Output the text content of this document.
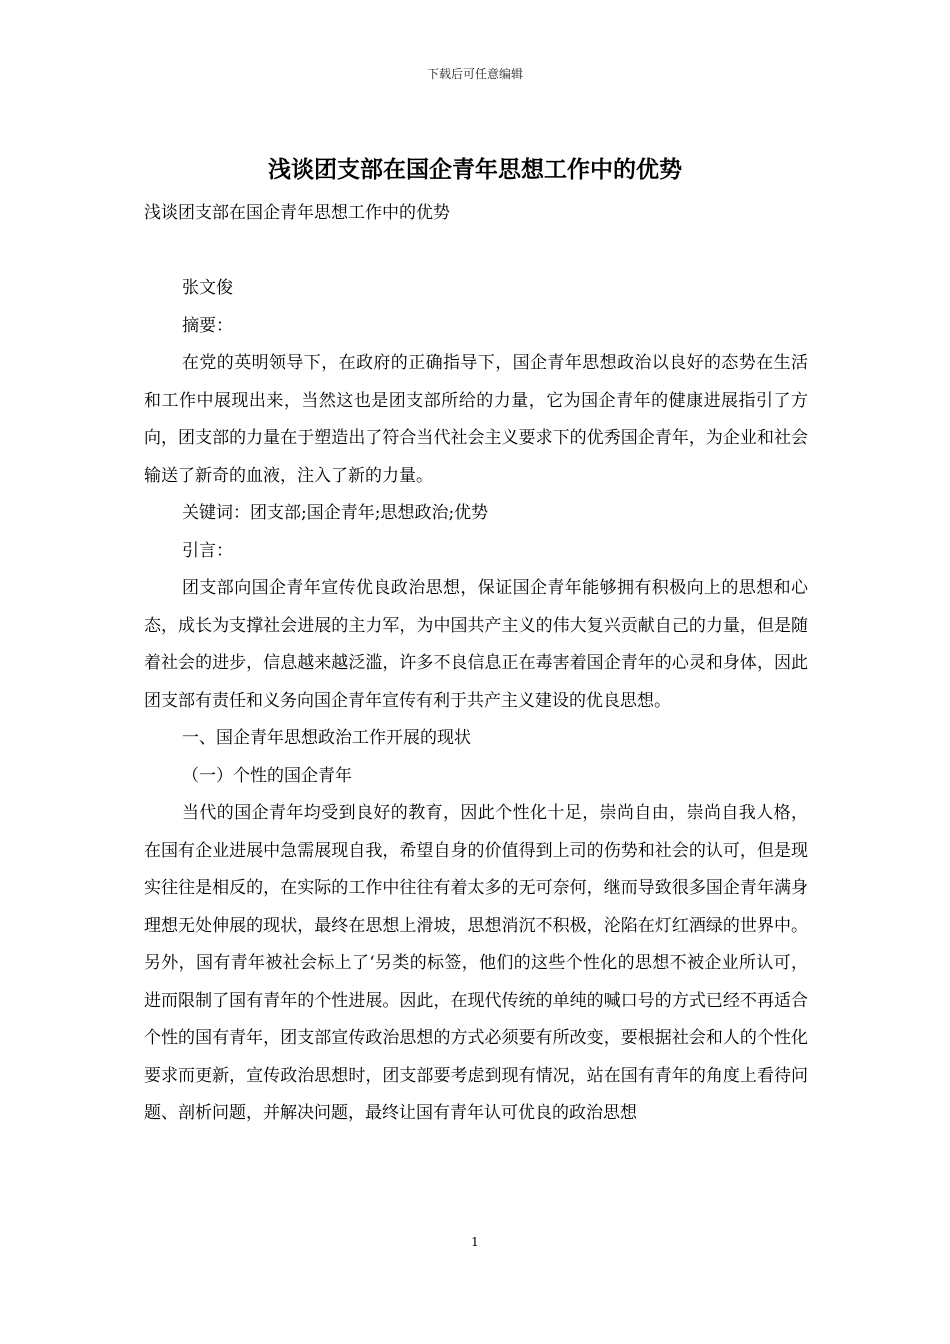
下载后可任意编辑
浅谈团支部在国企青年思想工作中的优势

浅谈团支部在国企青年思想工作中的优势

张文俊

摘要：

在党的英明领导下，在政府的正确指导下，国企青年思想政治以良好的态势在生活和工作中展现出来，当然这也是团支部所给的力量，它为国企青年的健康进展指引了方向，团支部的力量在于塑造出了符合当代社会主义要求下的优秀国企青年，为企业和社会输送了新奇的血液，注入了新的力量。

关键词：团支部;国企青年;思想政治;优势

引言：

团支部向国企青年宣传优良政治思想，保证国企青年能够拥有积极向上的思想和心态，成长为支撑社会进展的主力军，为中国共产主义的伟大复兴贡献自己的力量，但是随着社会的进步，信息越来越泛滥，许多不良信息正在毒害着国企青年的心灵和身体，因此团支部有责任和义务向国企青年宣传有利于共产主义建设的优良思想。

一、国企青年思想政治工作开展的现状

（一）个性的国企青年

当代的国企青年均受到良好的教育，因此个性化十足，崇尚自由，崇尚自我人格，在国有企业进展中急需展现自我，希望自身的价值得到上司的伤势和社会的认可，但是现实往往是相反的，在实际的工作中往往有着太多的无可奈何，继而导致很多国企青年满身理想无处伸展的现状，最终在思想上滑坡，思想消沉不积极，沦陷在灯红酒绿的世界中。另外，国有青年被社会标上了‘另类的标签，他们的这些个性化的思想不被企业所认可，进而限制了国有青年的个性进展。因此，在现代传统的单纯的喊口号的方式已经不再适合个性的国有青年，团支部宣传政治思想的方式必须要有所改变，要根据社会和人的个性化要求而更新，宣传政治思想时，团支部要考虑到现有情况，站在国有青年的角度上看待问题、剖析问题，并解决问题，最终让国有青年认可优良的政治思想

1
